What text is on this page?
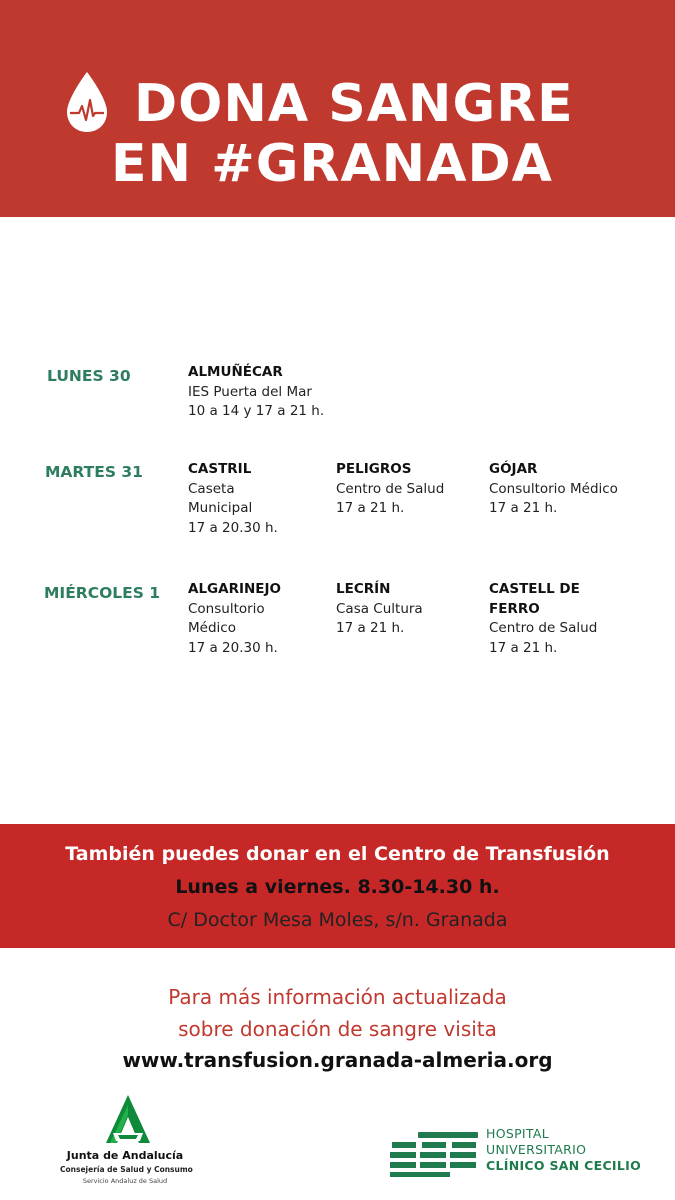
DONA SANGRE
EN #GRANADA
LUNES 30	ALMUÑÉCAR
IES Puerta del Mar
10 a 14 y 17 a 21 h.
MARTES 31	CASTRIL
Caseta
Municipal
17 a 20.30 h.
PELIGROS
Centro de Salud
17 a 21 h.
GÓJAR
Consultorio Médico
17 a 21 h.
MIÉRCOLES 1 ALGARINEJO
Consultorio
Médico
17 a 20.30 h.
LECRÍN
Casa Cultura
17 a 21 h.
CASTELL DE
FERRO
Centro de Salud
17 a 21 h.
También puedes donar en el Centro de Transfusión
Lunes a viernes. 8.30-14.30 h.
C/ Doctor Mesa Moles, s/n. Granada
Para más información actualizada
sobre donación de sangre visita
www.transfusion.granada-almeria.org
Junta de Andalucía
Consejería de Salud y Consumo
Servicio Andaluz de Salud
HOSPITAL
UNIVERSITARIO
CLÍNICO SAN CECILIO
